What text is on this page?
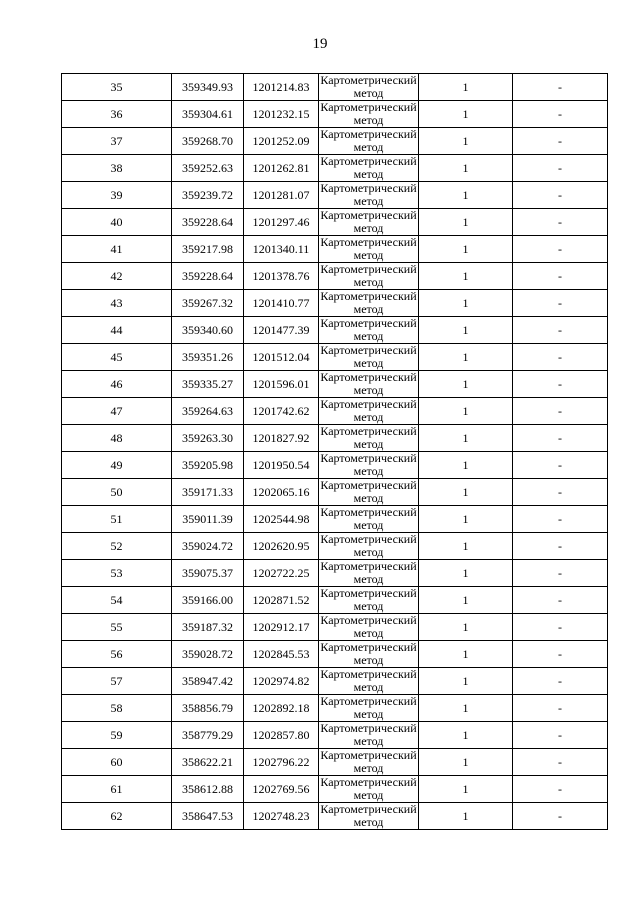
19
35	359349.93	1201214.83	Картометрический метод	1	-
36	359304.61	1201232.15	Картометрический метод	1	-
37	359268.70	1201252.09	Картометрический метод	1	-
38	359252.63	1201262.81	Картометрический метод	1	-
39	359239.72	1201281.07	Картометрический метод	1	-
40	359228.64	1201297.46	Картометрический метод	1	-
41	359217.98	1201340.11	Картометрический метод	1	-
42	359228.64	1201378.76	Картометрический метод	1	-
43	359267.32	1201410.77	Картометрический метод	1	-
44	359340.60	1201477.39	Картометрический метод	1	-
45	359351.26	1201512.04	Картометрический метод	1	-
46	359335.27	1201596.01	Картометрический метод	1	-
47	359264.63	1201742.62	Картометрический метод	1	-
48	359263.30	1201827.92	Картометрический метод	1	-
49	359205.98	1201950.54	Картометрический метод	1	-
50	359171.33	1202065.16	Картометрический метод	1	-
51	359011.39	1202544.98	Картометрический метод	1	-
52	359024.72	1202620.95	Картометрический метод	1	-
53	359075.37	1202722.25	Картометрический метод	1	-
54	359166.00	1202871.52	Картометрический метод	1	-
55	359187.32	1202912.17	Картометрический метод	1	-
56	359028.72	1202845.53	Картометрический метод	1	-
57	358947.42	1202974.82	Картометрический метод	1	-
58	358856.79	1202892.18	Картометрический метод	1	-
59	358779.29	1202857.80	Картометрический метод	1	-
60	358622.21	1202796.22	Картометрический метод	1	-
61	358612.88	1202769.56	Картометрический метод	1	-
62	358647.53	1202748.23	Картометрический метод	1	-
